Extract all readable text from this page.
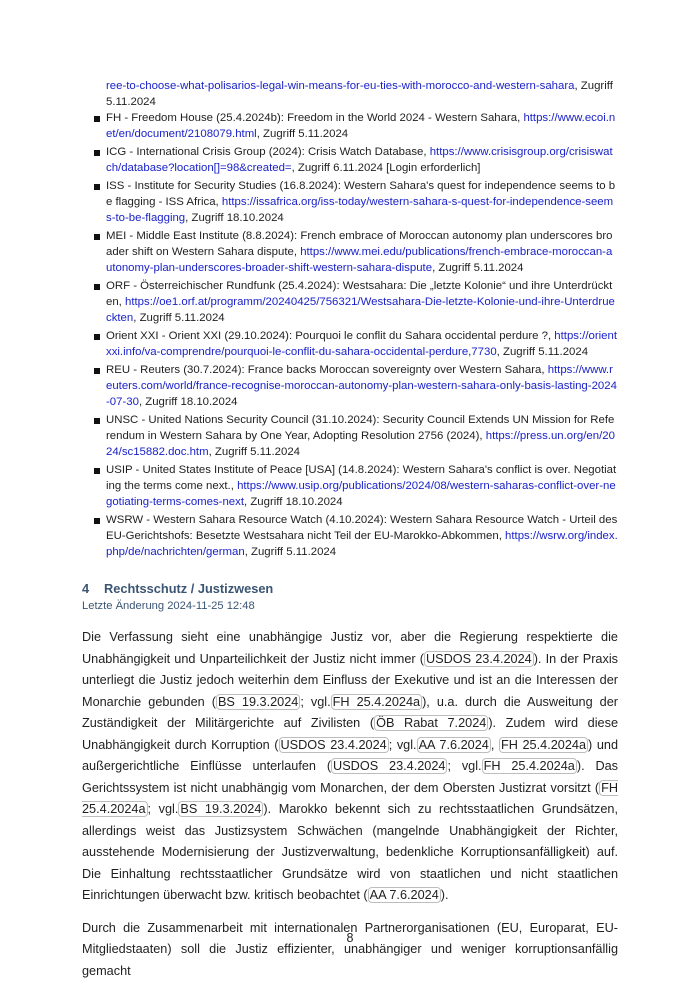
ree-to-choose-what-polisarios-legal-win-means-for-eu-ties-with-morocco-and-western-sahara, Zugriff 5.11.2024
FH - Freedom House (25.4.2024b): Freedom in the World 2024 - Western Sahara, https://www.ecoi.net/en/document/2108079.html, Zugriff 5.11.2024
ICG - International Crisis Group (2024): Crisis Watch Database, https://www.crisisgroup.org/crisiswatch/database?location[]=98&created=, Zugriff 6.11.2024 [Login erforderlich]
ISS - Institute for Security Studies (16.8.2024): Western Sahara's quest for independence seems to be flagging - ISS Africa, https://issafrica.org/iss-today/western-sahara-s-quest-for-independence-seems-to-be-flagging, Zugriff 18.10.2024
MEI - Middle East Institute (8.8.2024): French embrace of Moroccan autonomy plan underscores broader shift on Western Sahara dispute, https://www.mei.edu/publications/french-embrace-moroccan-autonomy-plan-underscores-broader-shift-western-sahara-dispute, Zugriff 5.11.2024
ORF - Österreichischer Rundfunk (25.4.2024): Westsahara: Die „letzte Kolonie“ und ihre Unterdrückten, https://oe1.orf.at/programm/20240425/756321/Westsahara-Die-letzte-Kolonie-und-ihre-Unterdrueckten, Zugriff 5.11.2024
Orient XXI - Orient XXI (29.10.2024): Pourquoi le conflit du Sahara occidental perdure ?, https://orientxxi.info/va-comprendre/pourquoi-le-conflit-du-sahara-occidental-perdure,7730, Zugriff 5.11.2024
REU - Reuters (30.7.2024): France backs Moroccan sovereignty over Western Sahara, https://www.reuters.com/world/france-recognise-moroccan-autonomy-plan-western-sahara-only-basis-lasting-2024-07-30, Zugriff 18.10.2024
UNSC - United Nations Security Council (31.10.2024): Security Council Extends UN Mission for Referendum in Western Sahara by One Year, Adopting Resolution 2756 (2024), https://press.un.org/en/2024/sc15882.doc.htm, Zugriff 5.11.2024
USIP - United States Institute of Peace [USA] (14.8.2024): Western Sahara's conflict is over. Negotiating the terms come next., https://www.usip.org/publications/2024/08/western-saharas-conflict-over-negotiating-terms-comes-next, Zugriff 18.10.2024
WSRW - Western Sahara Resource Watch (4.10.2024): Western Sahara Resource Watch - Urteil des EU-Gerichtshofs: Besetzte Westsahara nicht Teil der EU-Marokko-Abkommen, https://wsrw.org/index.php/de/nachrichten/german, Zugriff 5.11.2024
4 Rechtsschutz / Justizwesen

Letzte Änderung 2024-11-25 12:48

Die Verfassung sieht eine unabhängige Justiz vor, aber die Regierung respektierte die Unabhängigkeit und Unparteilichkeit der Justiz nicht immer ( USDOS 23.4.2024 ). In der Praxis unterliegt die Justiz jedoch weiterhin dem Einfluss der Exekutive und ist an die Interessen der Monarchie gebunden ( BS 19.3.2024 ; vgl. FH 25.4.2024a ), u.a. durch die Ausweitung der Zuständigkeit der Militärgerichte auf Zivilisten ( ÖB Rabat 7.2024 ). Zudem wird diese Unabhängigkeit durch Korruption ( USDOS 23.4.2024 ; vgl. AA 7.6.2024 , FH 25.4.2024a ) und außergerichtliche Einflüsse unterlaufen ( USDOS 23.4.2024 ; vgl. FH 25.4.2024a ). Das Gerichtssystem ist nicht unabhängig vom Monarchen, der dem Obersten Justizrat vorsitzt ( FH 25.4.2024a ; vgl. BS 19.3.2024 ). Marokko bekennt sich zu rechtsstaatlichen Grundsätzen, allerdings weist das Justizsystem Schwächen (mangelnde Unabhängigkeit der Richter, ausstehende Modernisierung der Justizverwaltung, bedenkliche Korruptionsanfälligkeit) auf. Die Einhaltung rechtsstaatlicher Grundsätze wird von staatlichen und nicht staatlichen Einrichtungen überwacht bzw. kritisch beobachtet ( AA 7.6.2024 ).

Durch die Zusammenarbeit mit internationalen Partnerorganisationen (EU, Europarat, EU-Mitgliedstaaten) soll die Justiz effizienter, unabhängiger und weniger korruptionsanfällig gemacht

8
